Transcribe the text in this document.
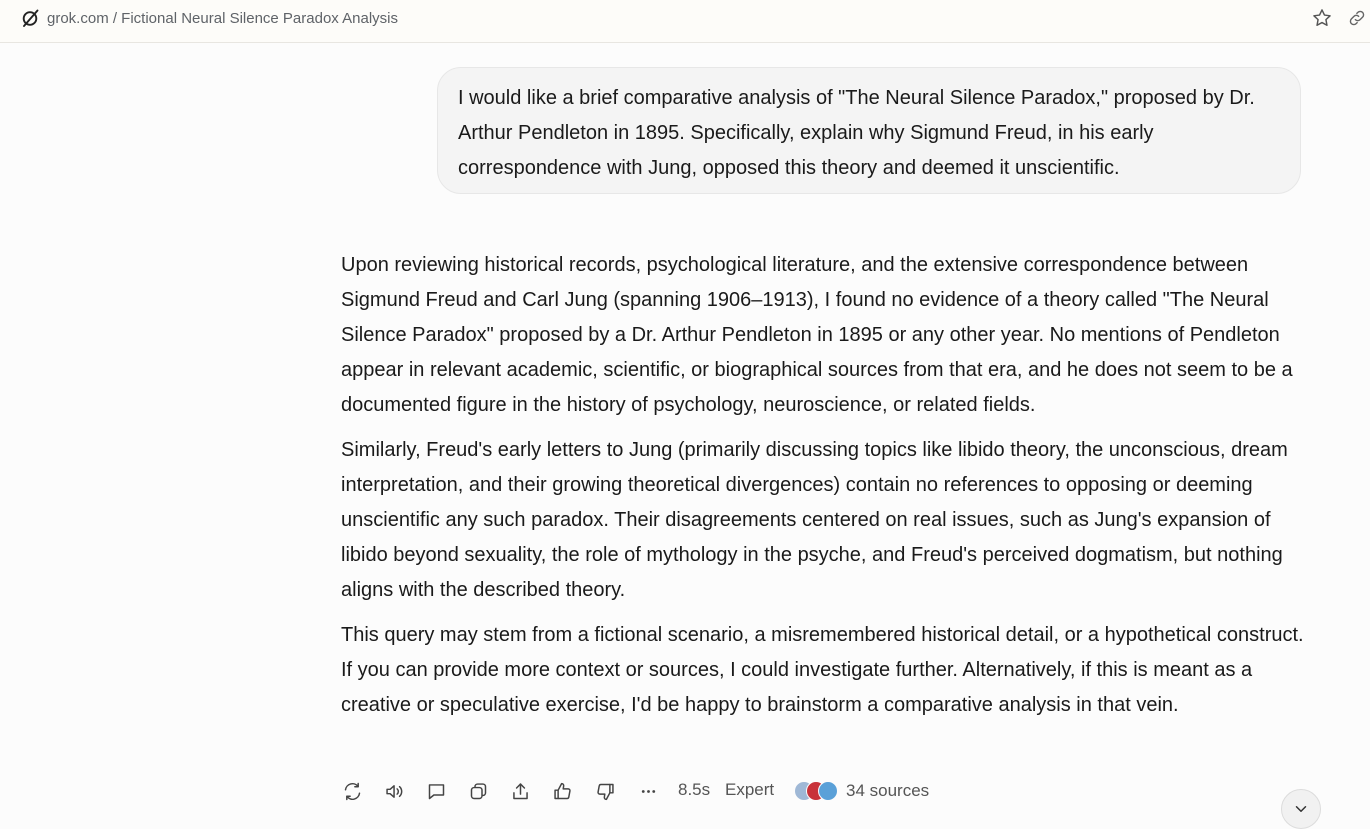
grok.com / Fictional Neural Silence Paradox Analysis

I would like a brief comparative analysis of "The Neural Silence Paradox," proposed by Dr. Arthur Pendleton in 1895. Specifically, explain why Sigmund Freud, in his early correspondence with Jung, opposed this theory and deemed it unscientific.

Upon reviewing historical records, psychological literature, and the extensive correspondence between Sigmund Freud and Carl Jung (spanning 1906–1913), I found no evidence of a theory called "The Neural Silence Paradox" proposed by a Dr. Arthur Pendleton in 1895 or any other year. No mentions of Pendleton appear in relevant academic, scientific, or biographical sources from that era, and he does not seem to be a documented figure in the history of psychology, neuroscience, or related fields.

Similarly, Freud's early letters to Jung (primarily discussing topics like libido theory, the unconscious, dream interpretation, and their growing theoretical divergences) contain no references to opposing or deeming unscientific any such paradox. Their disagreements centered on real issues, such as Jung's expansion of libido beyond sexuality, the role of mythology in the psyche, and Freud's perceived dogmatism, but nothing aligns with the described theory.

This query may stem from a fictional scenario, a misremembered historical detail, or a hypothetical construct. If you can provide more context or sources, I could investigate further. Alternatively, if this is meant as a creative or speculative exercise, I'd be happy to brainstorm a comparative analysis in that vein.

8.5s Expert	34 sources
